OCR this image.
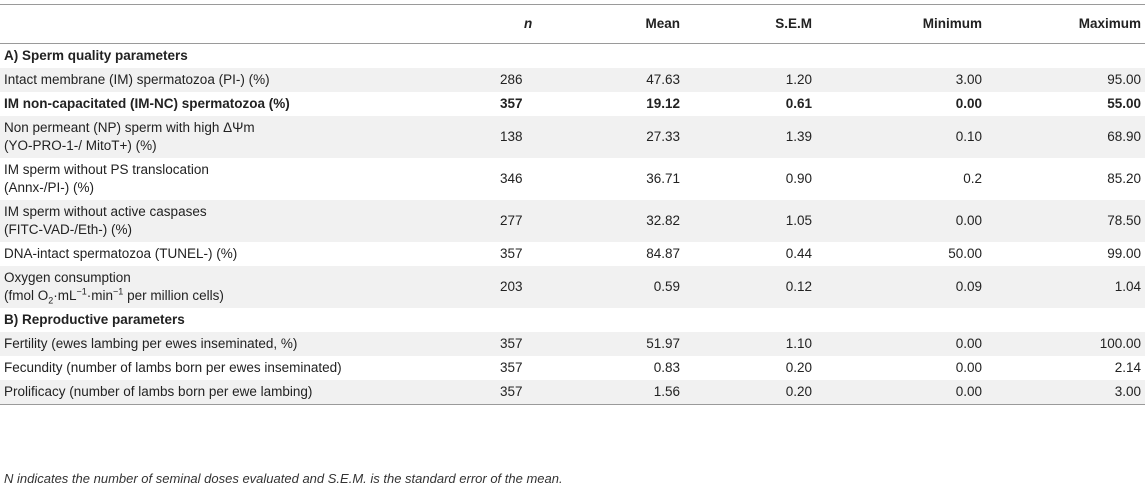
	n	Mean	S.E.M	Minimum	Maximum
A) Sperm quality parameters					
Intact membrane (IM) spermatozoa (PI-) (%)	286	47.63	1.20	3.00	95.00
IM non-capacitated (IM-NC) spermatozoa (%)	357	19.12	0.61	0.00	55.00

Non permeant (NP) sperm with high ΔΨm
(YO-PRO-1-/ MitoT+) (%)	138	27.33	1.39	0.10	68.90

IM sperm without PS translocation
(Annx-/PI-) (%)	346	36.71	0.90	0.2	85.20

IM sperm without active caspases
(FITC-VAD-/Eth-) (%)	277	32.82	1.05	0.00	78.50
DNA-intact spermatozoa (TUNEL-) (%)	357	84.87	0.44	50.00	99.00

Oxygen consumption
(fmol $O_2\cdot mL^{-1}\cdot\min^{-1}$ per million cells)	203	0.59	0.12	0.09	1.04
B) Reproductive parameters					
Fertility (ewes lambing per ewes inseminated, %)	357	51.97	1.10	0.00	100.00
Fecundity (number of lambs born per ewes inseminated)	357	0.83	0.20	0.00	2.14
Prolificacy (number of lambs born per ewe lambing)	357	1.56	0.20	0.00	3.00
N indicates the number of seminal doses evaluated and S.E.M. is the standard error of the mean.
